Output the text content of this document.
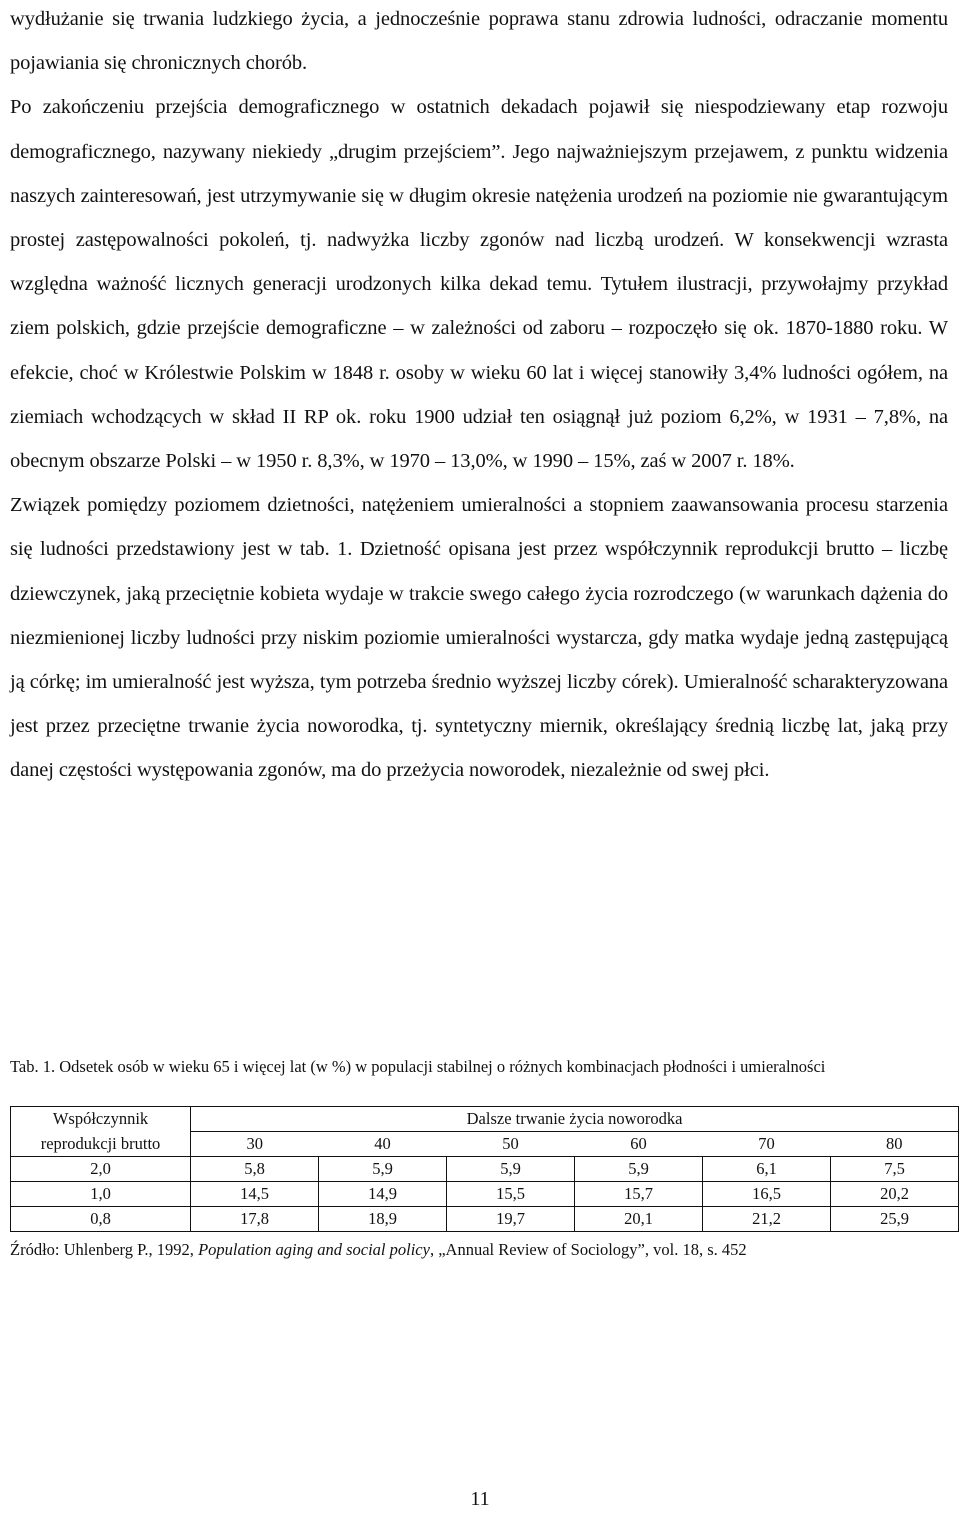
wydłużanie się trwania ludzkiego życia, a jednocześnie poprawa stanu zdrowia ludności, odraczanie momentu pojawiania się chronicznych chorób.

Po zakończeniu przejścia demograficznego w ostatnich dekadach pojawił się niespodziewany etap rozwoju demograficznego, nazywany niekiedy „drugim przejściem”. Jego najważniejszym przejawem, z punktu widzenia naszych zainteresowań, jest utrzymywanie się w długim okresie natężenia urodzeń na poziomie nie gwarantującym prostej zastępowalności pokoleń, tj. nadwyżka liczby zgonów nad liczbą urodzeń. W konsekwencji wzrasta względna ważność licznych generacji urodzonych kilka dekad temu. Tytułem ilustracji, przywołajmy przykład ziem polskich, gdzie przejście demograficzne – w zależności od zaboru – rozpoczęło się ok. 1870-1880 roku. W efekcie, choć w Królestwie Polskim w 1848 r. osoby w wieku 60 lat i więcej stanowiły 3,4% ludności ogółem, na ziemiach wchodzących w skład II RP ok. roku 1900 udział ten osiągnął już poziom 6,2%, w 1931 – 7,8%, na obecnym obszarze Polski – w 1950 r. 8,3%, w 1970 – 13,0%, w 1990 – 15%, zaś w 2007 r. 18%.

Związek pomiędzy poziomem dzietności, natężeniem umieralności a stopniem zaawansowania procesu starzenia się ludności przedstawiony jest w tab. 1. Dzietność opisana jest przez współczynnik reprodukcji brutto – liczbę dziewczynek, jaką przeciętnie kobieta wydaje w trakcie swego całego życia rozrodczego (w warunkach dążenia do niezmienionej liczby ludności przy niskim poziomie umieralności wystarcza, gdy matka wydaje jedną zastępującą ją córkę; im umieralność jest wyższa, tym potrzeba średnio wyższej liczby córek). Umieralność scharakteryzowana jest przez przeciętne trwanie życia noworodka, tj. syntetyczny miernik, określający średnią liczbę lat, jaką przy danej częstości występowania zgonów, ma do przeżycia noworodek, niezależnie od swej płci.

Tab. 1. Odsetek osób w wieku 65 i więcej lat (w %) w populacji stabilnej o różnych kombinacjach płodności i umieralności

Współczynnik	Dalsze trwanie życia noworodka					
reprodukcji brutto	30	40	50	60	70	80
2,0	5,8	5,9	5,9	5,9	6,1	7,5
1,0	14,5	14,9	15,5	15,7	16,5	20,2
0,8	17,8	18,9	19,7	20,1	21,2	25,9

Źródło: Uhlenberg P., 1992, Population aging and social policy, „Annual Review of Sociology”, vol. 18, s. 452

11
